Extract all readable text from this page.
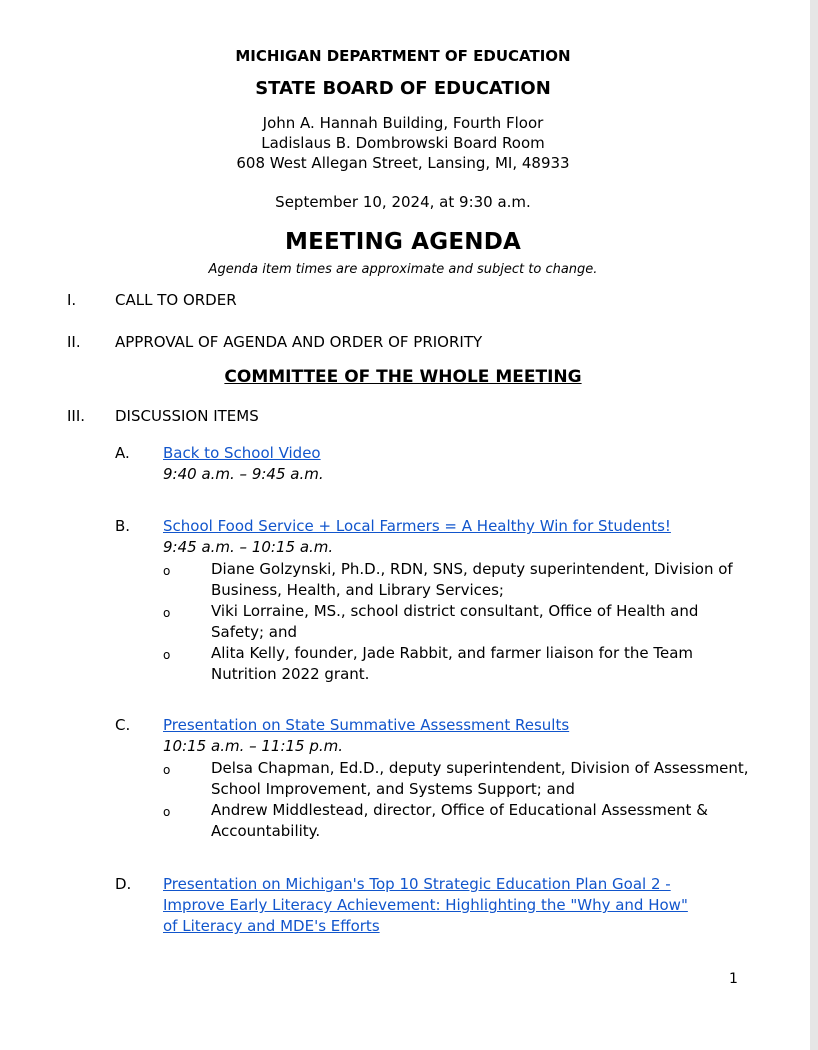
MICHIGAN DEPARTMENT OF EDUCATION
STATE BOARD OF EDUCATION
John A. Hannah Building, Fourth Floor
Ladislaus B. Dombrowski Board Room
608 West Allegan Street, Lansing, MI, 48933
September 10, 2024, at 9:30 a.m.
MEETING AGENDA
Agenda item times are approximate and subject to change.
I.	CALL TO ORDER
II. APPROVAL OF AGENDA AND ORDER OF PRIORITY
COMMITTEE OF THE WHOLE MEETING
III. DISCUSSION ITEMS
A. Back to School Video
9:40 a.m. – 9:45 a.m.
B. School Food Service + Local Farmers = A Healthy Win for Students!
9:45 a.m. – 10:15 a.m.
o	Diane Golzynski, Ph.D., RDN, SNS, deputy superintendent, Division of Business, Health, and Library Services;
o	Viki Lorraine, MS., school district consultant, Office of Health and Safety; and
o	Alita Kelly, founder, Jade Rabbit, and farmer liaison for the Team Nutrition 2022 grant.
C. Presentation on State Summative Assessment Results
10:15 a.m. – 11:15 p.m.
o	Delsa Chapman, Ed.D., deputy superintendent, Division of Assessment, School Improvement, and Systems Support; and
o	Andrew Middlestead, director, Office of Educational Assessment & Accountability.
D. Presentation on Michigan's Top 10 Strategic Education Plan Goal 2 -
Improve Early Literacy Achievement: Highlighting the "Why and How"
of Literacy and MDE's Efforts
1
